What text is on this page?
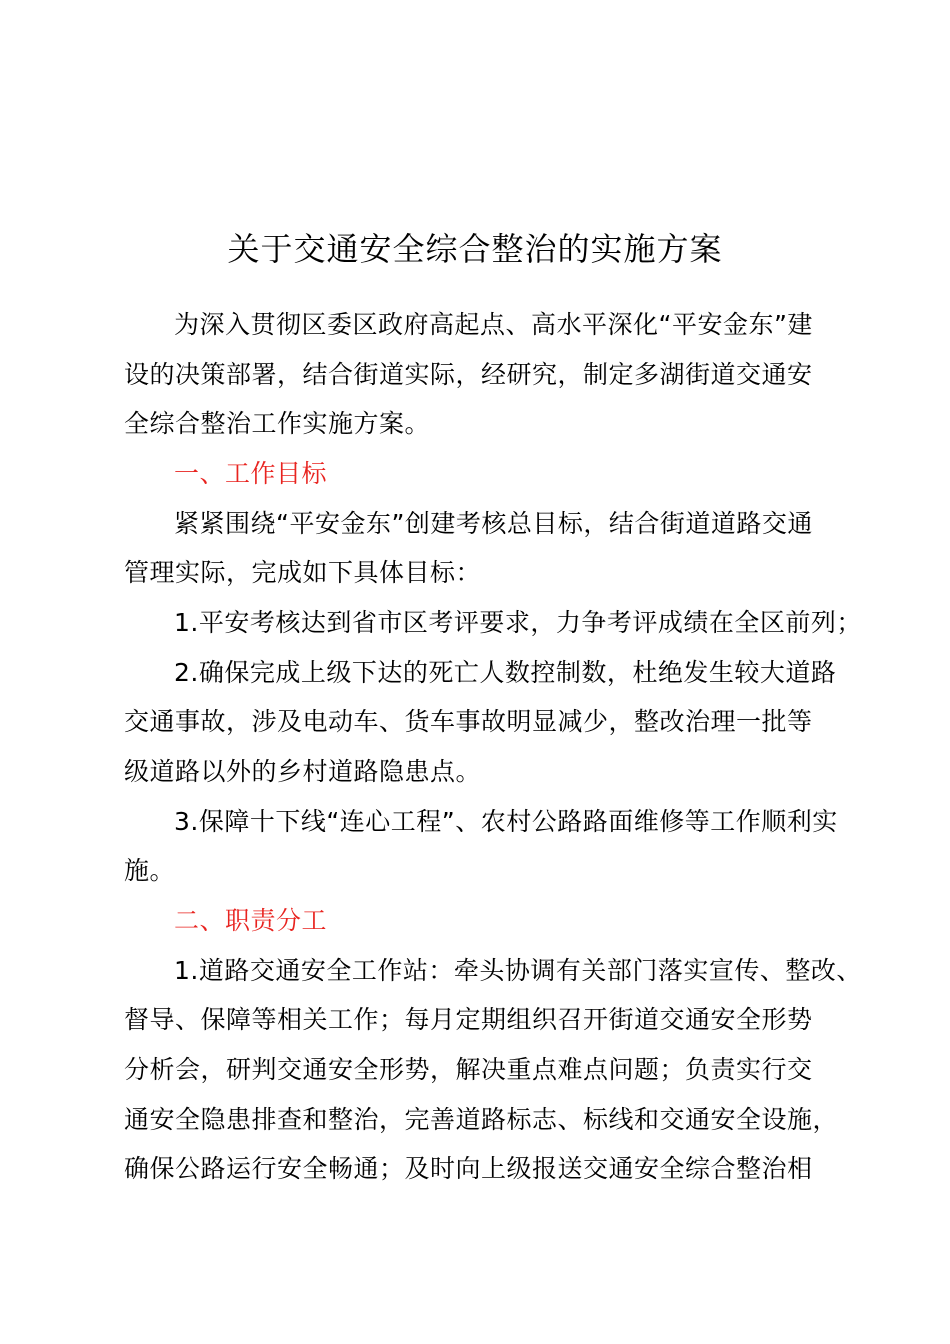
关于交通安全综合整治的实施方案
为深入贯彻区委区政府高起点、高水平深化“平安金东”建
设的决策部署，结合街道实际，经研究，制定多湖街道交通安
全综合整治工作实施方案。
一、工作目标
紧紧围绕“平安金东”创建考核总目标，结合街道道路交通
管理实际，完成如下具体目标：
1.平安考核达到省市区考评要求，力争考评成绩在全区前列；
2.确保完成上级下达的死亡人数控制数，杜绝发生较大道路
交通事故，涉及电动车、货车事故明显减少，整改治理一批等
级道路以外的乡村道路隐患点。
3.保障十下线“连心工程”、农村公路路面维修等工作顺利实
施。
二、职责分工
1.道路交通安全工作站：牵头协调有关部门落实宣传、整改、
督导、保障等相关工作；每月定期组织召开街道交通安全形势
分析会，研判交通安全形势，解决重点难点问题；负责实行交
通安全隐患排查和整治，完善道路标志、标线和交通安全设施，
确保公路运行安全畅通；及时向上级报送交通安全综合整治相
